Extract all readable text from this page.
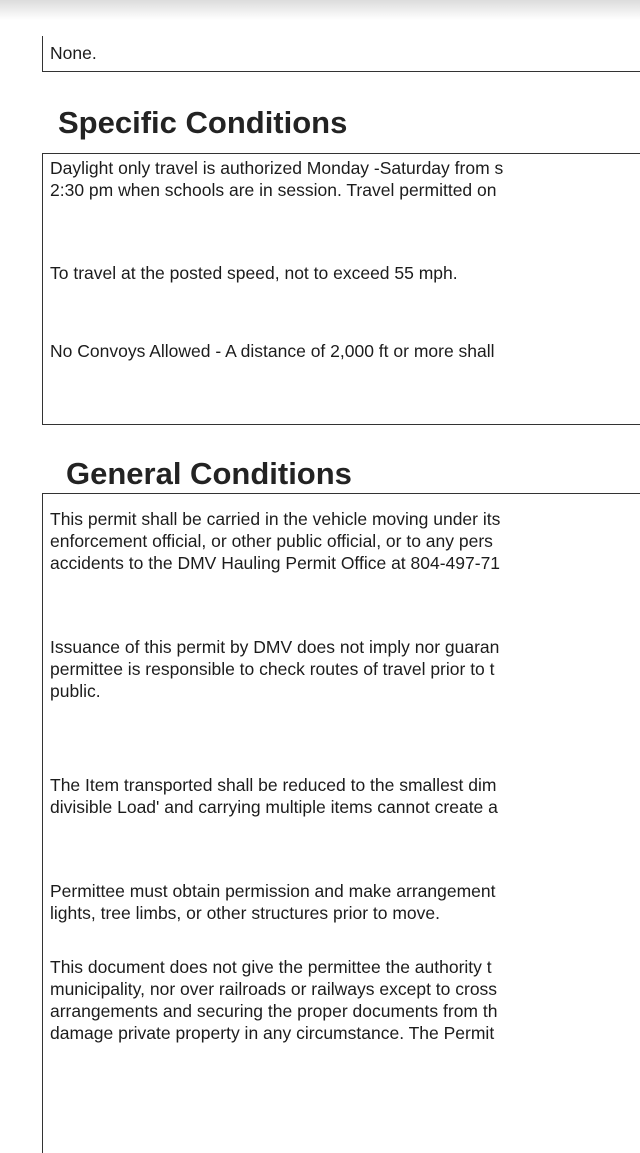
None.
Specific Conditions
Daylight only travel is authorized Monday -Saturday from s
2:30 pm when schools are in session. Travel permitted on
To travel at the posted speed, not to exceed 55 mph.
No Convoys Allowed - A distance of 2,000 ft or more shall
General Conditions
This permit shall be carried in the vehicle moving under its
enforcement official, or other public official, or to any pers
accidents to the DMV Hauling Permit Office at 804-497-71
Issuance of this permit by DMV does not imply nor guaran
permittee is responsible to check routes of travel prior to t
public.
The Item transported shall be reduced to the smallest dim
divisible Load' and carrying multiple items cannot create a
Permittee must obtain permission and make arrangement
lights, tree limbs, or other structures prior to move.
This document does not give the permittee the authority t
municipality, nor over railroads or railways except to cross
arrangements and securing the proper documents from th
damage private property in any circumstance. The Permit
